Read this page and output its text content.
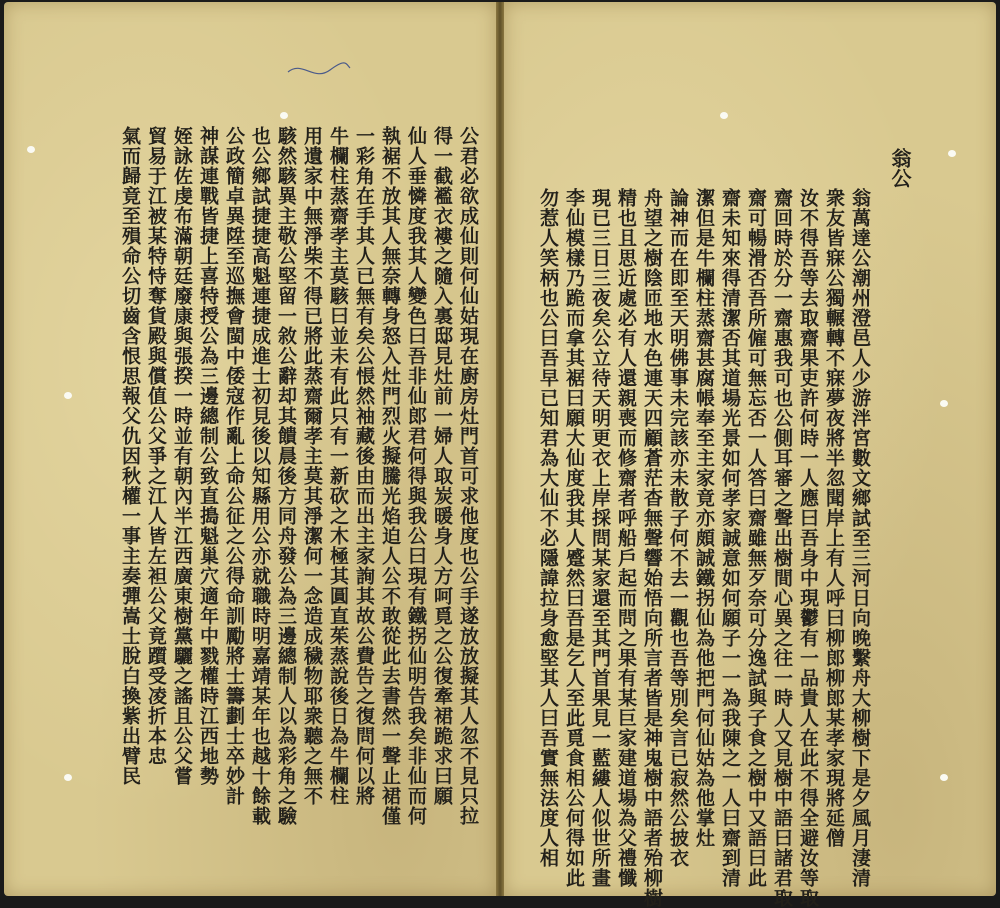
翁公
翁萬達公潮州澄邑人少游泮宮數文鄉試至三河日向晚繫舟大柳樹下是夕風月淒清
衆友皆寐公獨輾轉不寐夢夜將半忽聞岸上有人呼曰柳郎柳郎某孝家現將延僧
汝不得吾等去取齋果吏許何時一人應曰吾身中現鬱有一品貴人在此不得全避汝等取
齋回時於分一齋惠我可也公側耳審之聲出樹間心異之往一時人又見樹中語曰諸君取
齋可暢滑否吾所僱可無忘否一人答曰齋雖無歹奈可分逸試與子食之樹中又語曰此
齋未知來得清潔否其道場光景如何孝家誠意如何願子一一為我陳之一人曰齋到清
潔但是牛欄柱蒸齋甚腐帳奉至主家竟亦頗誠鐵拐仙為他把門何仙姑為他掌灶
論神而在即至天明佛事未完該亦未散子何不去一觀也吾等別矣言已寂然公披衣
舟望之樹陰匝地水色連天四顧蒼茫杳無聲響始悟向所言者皆是神鬼樹中語者殆柳樹
精也且思近處必有人還親喪而修齋者呼船戶起而問之果有某巨家建道場為父禮懺
現已三日三夜矣公立待天明更衣上岸採問某家還至其門首果見一藍縷人似世所畫
李仙模樣乃跪而拿其裾曰願大仙度我其人蹙然曰吾是乞人至此覓食相公何得如此
勿惹人笑柄也公曰吾早已知君為大仙不必隱諱拉身愈堅其人曰吾實無法度人相
公君必欲成仙則何仙姑現在廚房灶門首可求他度也公手遂放放擬其人忽不見只拉
得一截襤衣褸之隨入裏邸見灶前一婦人取炭暖身人方呵覓之公復牽裙跪求曰願
仙人垂憐度我其人變色曰吾非仙郎君何得與我公曰現有鐵拐仙明告我矣非仙而何
執裾不放其人無奈轉身怒入灶門烈火擬騰光焰迫人公不敢從此去書然一聲止裙僅
一彩角在手其人已無有矣公悵然袖藏後由而出主家詢其故公費告之復問何以將
牛欄柱蒸齋孝主莫駭曰並未有此只有一新砍之木極其圓直茱蒸說後日為牛欄柱
用遺家中無淨柴不得已將此蒸齋爾孝主莫其淨潔何一念造成穢物耶衆聽之無不
駭然駭異主敬公堅留一敘公辭却其饋晨後方同舟發公為三邊總制人以為彩角之驗
也公鄉試捷捷高魁連捷成進士初見後以知縣用公亦就職時明嘉靖某年也越十餘載
公政簡卓異陞至巡撫會閩中倭寇作亂上命公征之公得命訓勵將士籌劃士卒妙計
神謀連戰皆捷上喜特授公為三邊總制公致直搗魁巢穴適年中戮權時江西地勢
姪詠佐虔布滿朝廷廢康與張揆一時並有朝內半江西廣東樹黨驪之謠且公父嘗
貿易于江被某特恃奪貨殿與償值公父爭之江人皆左袒公父竟躓受凌折本忠
氣而歸竟至殞命公切齒含恨思報父仇因秋權一事主奏彈嵩士脫白換紫出臂民
